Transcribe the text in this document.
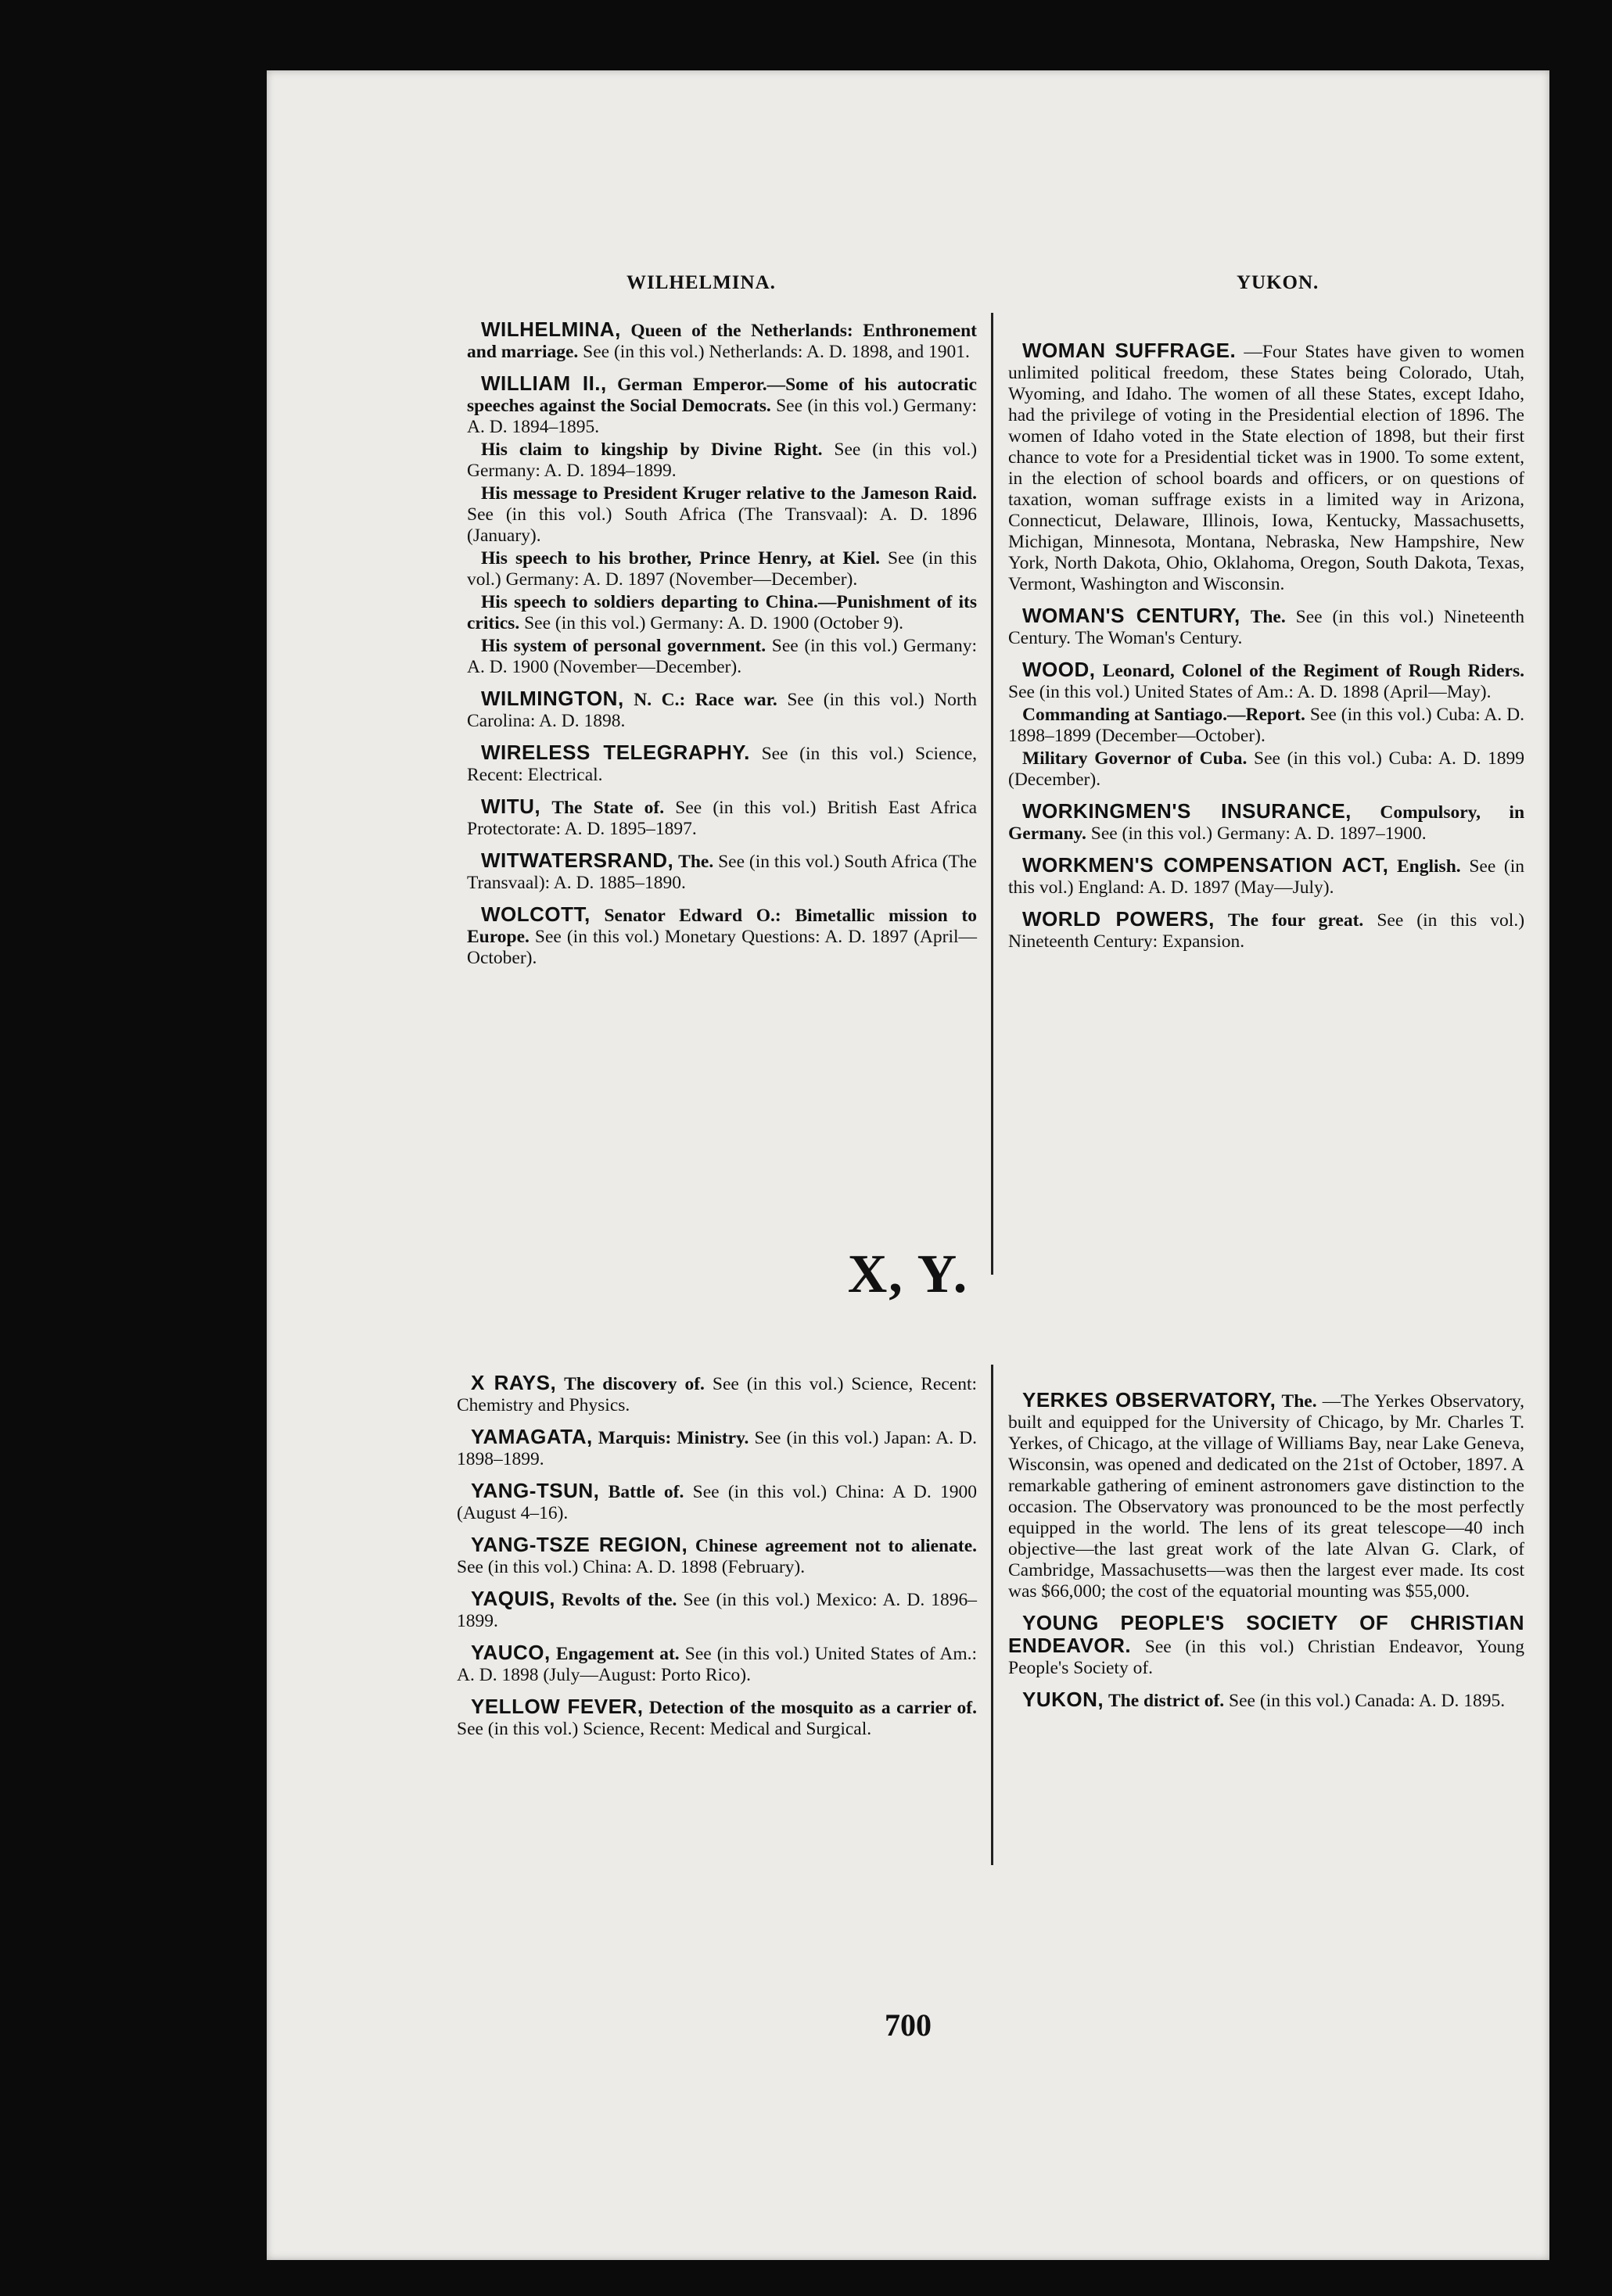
WILHELMINA.	YUKON.

WILHELMINA, Queen of the Netherlands: Enthronement and marriage. See (in this vol.) Netherlands: A. D. 1898, and 1901.

WILLIAM II., German Emperor.—Some of his autocratic speeches against the Social Democrats. See (in this vol.) Germany: A. D. 1894–1895.

His claim to kingship by Divine Right. See (in this vol.) Germany: A. D. 1894–1899.

His message to President Kruger relative to the Jameson Raid. See (in this vol.) South Africa (The Transvaal): A. D. 1896 (January).

His speech to his brother, Prince Henry, at Kiel. See (in this vol.) Germany: A. D. 1897 (November—December).

His speech to soldiers departing to China.—Punishment of its critics. See (in this vol.) Germany: A. D. 1900 (October 9).

His system of personal government. See (in this vol.) Germany: A. D. 1900 (November—December).

WILMINGTON, N. C.: Race war. See (in this vol.) North Carolina: A. D. 1898.

WIRELESS TELEGRAPHY. See (in this vol.) Science, Recent: Electrical.

WITU, The State of. See (in this vol.) British East Africa Protectorate: A. D. 1895–1897.

WITWATERSRAND, The. See (in this vol.) South Africa (The Transvaal): A. D. 1885–1890.

WOLCOTT, Senator Edward O.: Bimetallic mission to Europe. See (in this vol.) Monetary Questions: A. D. 1897 (April—October).

WOMAN SUFFRAGE. —Four States have given to women unlimited political freedom, these States being Colorado, Utah, Wyoming, and Idaho. The women of all these States, except Idaho, had the privilege of voting in the Presidential election of 1896. The women of Idaho voted in the State election of 1898, but their first chance to vote for a Presidential ticket was in 1900. To some extent, in the election of school boards and officers, or on questions of taxation, woman suffrage exists in a limited way in Arizona, Connecticut, Delaware, Illinois, Iowa, Kentucky, Massachusetts, Michigan, Minnesota, Montana, Nebraska, New Hampshire, New York, North Dakota, Ohio, Oklahoma, Oregon, South Dakota, Texas, Vermont, Washington and Wisconsin.

WOMAN'S CENTURY, The. See (in this vol.) Nineteenth Century. The Woman's Century.

WOOD, Leonard, Colonel of the Regiment of Rough Riders. See (in this vol.) United States of Am.: A. D. 1898 (April—May).

Commanding at Santiago.—Report. See (in this vol.) Cuba: A. D. 1898–1899 (December—October).

Military Governor of Cuba. See (in this vol.) Cuba: A. D. 1899 (December).

WORKINGMEN'S INSURANCE, Compulsory, in Germany. See (in this vol.) Germany: A. D. 1897–1900.

WORKMEN'S COMPENSATION ACT, English. See (in this vol.) England: A. D. 1897 (May—July).

WORLD POWERS, The four great. See (in this vol.) Nineteenth Century: Expansion.

X, Y.

X RAYS, The discovery of. See (in this vol.) Science, Recent: Chemistry and Physics.

YAMAGATA, Marquis: Ministry. See (in this vol.) Japan: A. D. 1898–1899.

YANG-TSUN, Battle of. See (in this vol.) China: A D. 1900 (August 4–16).

YANG-TSZE REGION, Chinese agreement not to alienate. See (in this vol.) China: A. D. 1898 (February).

YAQUIS, Revolts of the. See (in this vol.) Mexico: A. D. 1896–1899.

YAUCO, Engagement at. See (in this vol.) United States of Am.: A. D. 1898 (July—August: Porto Rico).

YELLOW FEVER, Detection of the mosquito as a carrier of. See (in this vol.) Science, Recent: Medical and Surgical.

YERKES OBSERVATORY, The. —The Yerkes Observatory, built and equipped for the University of Chicago, by Mr. Charles T. Yerkes, of Chicago, at the village of Williams Bay, near Lake Geneva, Wisconsin, was opened and dedicated on the 21st of October, 1897. A remarkable gathering of eminent astronomers gave distinction to the occasion. The Observatory was pronounced to be the most perfectly equipped in the world. The lens of its great telescope—40 inch objective—the last great work of the late Alvan G. Clark, of Cambridge, Massachusetts—was then the largest ever made. Its cost was $66,000; the cost of the equatorial mounting was $55,000.

YOUNG PEOPLE'S SOCIETY OF CHRISTIAN ENDEAVOR. See (in this vol.) Christian Endeavor, Young People's Society of.

YUKON, The district of. See (in this vol.) Canada: A. D. 1895.

700
